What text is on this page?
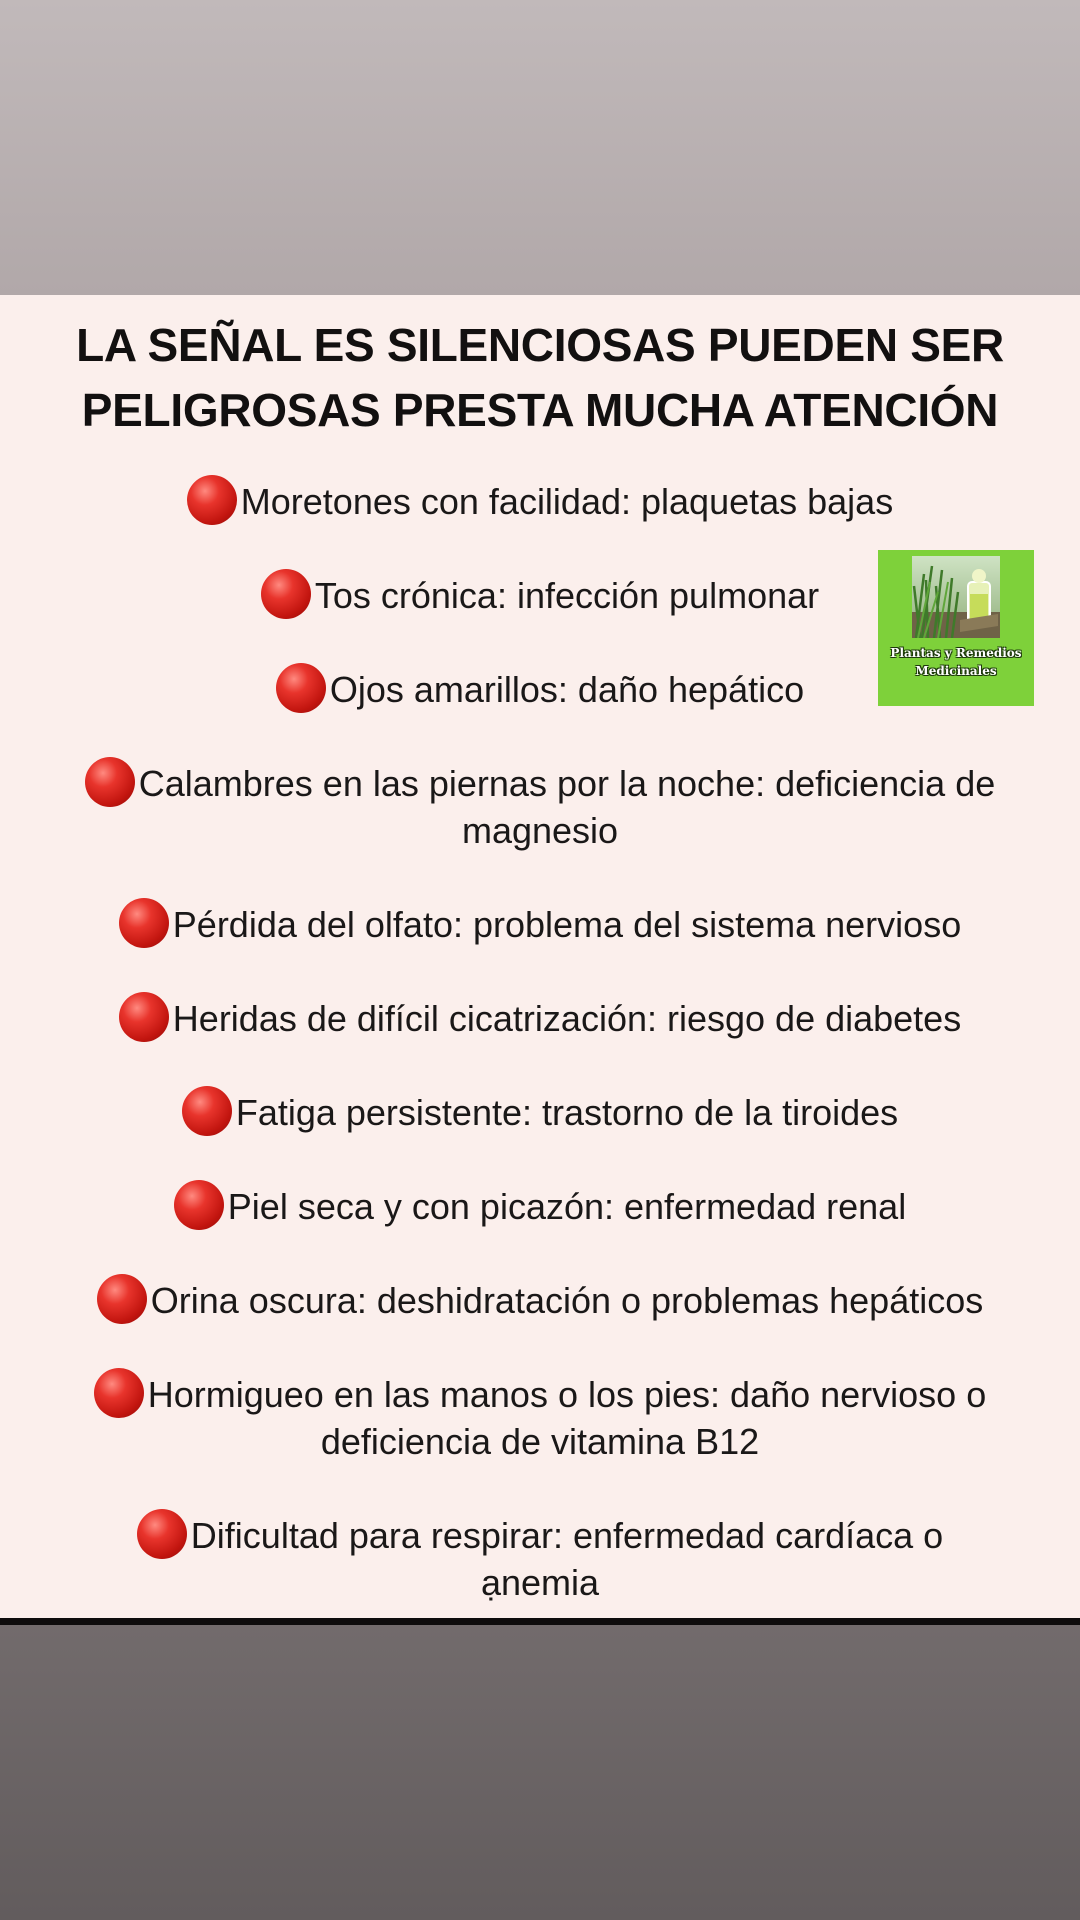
LA SEÑAL ES SILENCIOSAS PUEDEN SER
PELIGROSAS PRESTA MUCHA ATENCIÓN
Moretones con facilidad: plaquetas bajas
Tos crónica: infección pulmonar
Ojos amarillos: daño hepático
Calambres en las piernas por la noche: deficiencia de
magnesio
Pérdida del olfato: problema del sistema nervioso
Heridas de difícil cicatrización: riesgo de diabetes
Fatiga persistente: trastorno de la tiroides
Piel seca y con picazón: enfermedad renal
Orina oscura: deshidratación o problemas hepáticos
Hormigueo en las manos o los pies: daño nervioso o
deficiencia de vitamina B12
Dificultad para respirar: enfermedad cardíaca o
ạnemia
Plantas y Remedios
Medicinales
